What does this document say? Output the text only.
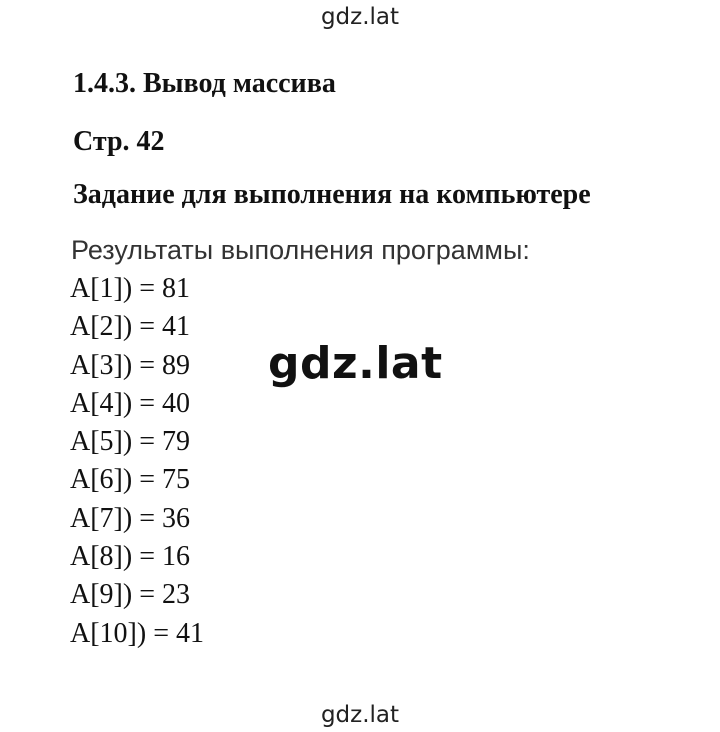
gdz.lat
1.4.3. Вывод массива
Стр. 42
Задание для выполнения на компьютере
Результаты выполнения программы:
A[1]) = 81
A[2]) = 41
A[3]) = 89
A[4]) = 40
A[5]) = 79
A[6]) = 75
A[7]) = 36
A[8]) = 16
A[9]) = 23
A[10]) = 41
gdz.lat
gdz.lat
